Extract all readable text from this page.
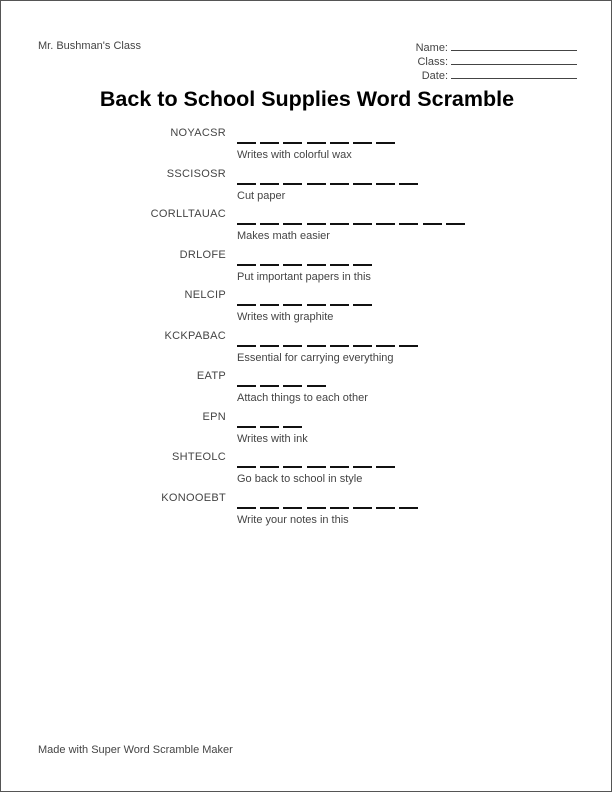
Mr. Bushman's Class	Name:
Class:
Date:
Back to School Supplies Word Scramble
NOYACSR
Writes with colorful wax
SSCISOSR
Cut paper
CORLLTAUAC
Makes math easier
DRLOFE
Put important papers in this
NELCIP
Writes with graphite
KCKPABAC
Essential for carrying everything
EATP
Attach things to each other
EPN
Writes with ink
SHTEOLC
Go back to school in style
KONOOEBT
Write your notes in this
Made with Super Word Scramble Maker
